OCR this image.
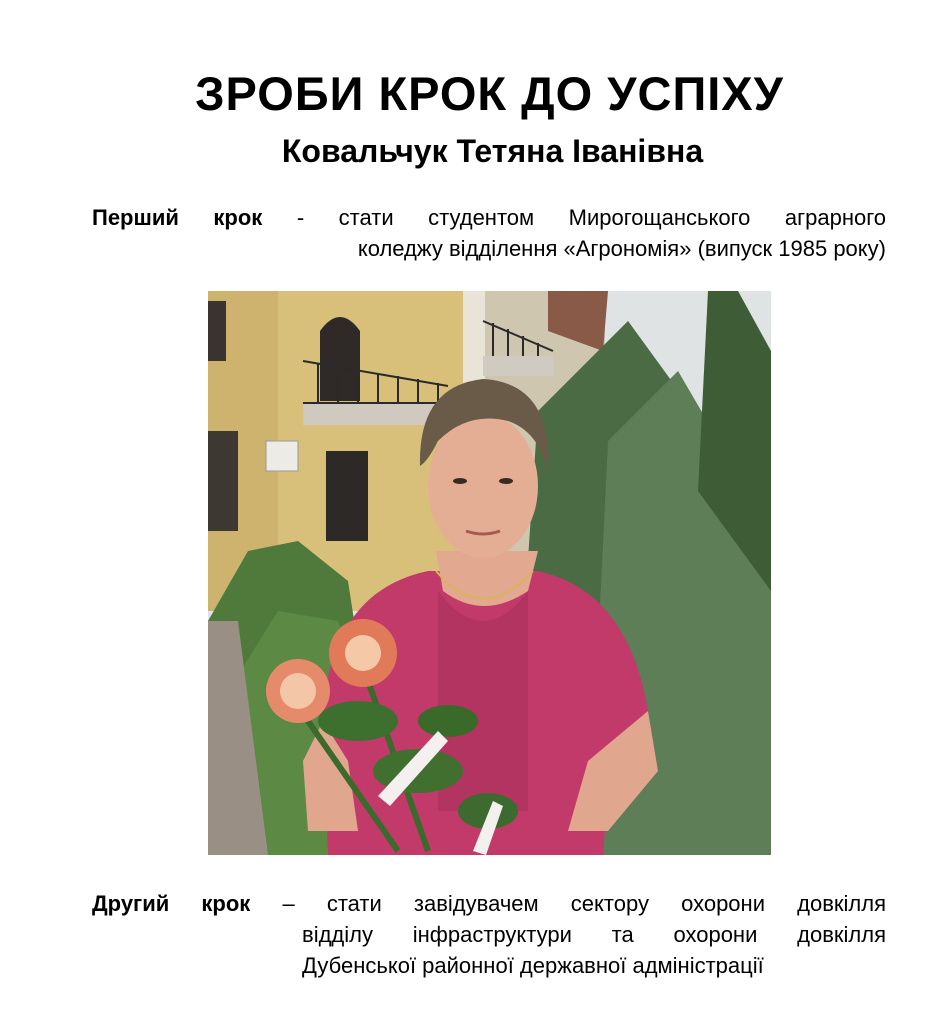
ЗРОБИ КРОК ДО УСПІХУ
Ковальчук Тетяна Іванівна

Перший крок - стати студентом Мирогощанського аграрного
коледжу відділення «Агрономія» (випуск 1985 року)

Другий крок – стати завідувачем сектору охорони довкілля
відділу інфраструктури та охорони довкілля
Дубенської районної державної адміністрації
